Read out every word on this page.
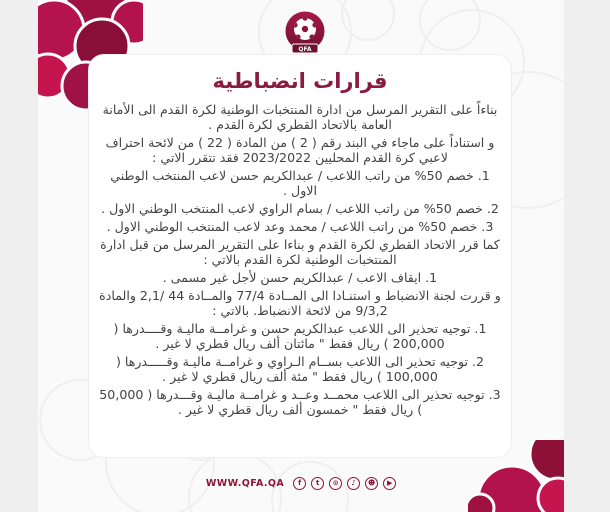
قرارات انضباطية

بناءاً على التقرير المرسل من ادارة المنتخبات الوطنية لكرة القدم الى الأمانة العامة بالاتحاد القطري لكرة القدم .

و استناداً على ماجاء في البند رقم ( 2 ) من المادة ( 22 ) من لائحة احتراف لاعبي كرة القدم المحليين 2023/2022 فقد تتقرر الاتي :

1. خصم 50% من راتب اللاعب / عبدالكريم حسن لاعب المنتخب الوطني الاول .

2. خصم 50% من راتب اللاعب / بسام الراوي لاعب المنتخب الوطني الاول .

3. خصم 50% من راتب اللاعب / محمد وعد لاعب المنتخب الوطني الاول .

كما قرر الاتحاد القطري لكرة القدم و بناءا على التقرير المرسل من قبل ادارة المنتخبات الوطنية لكرة القدم بالاتي :

1. ايقاف الاعب / عبدالكريم حسن لأجل غير مسمى .

و قررت لجنة الانضباط و استنـادا الى المــادة 77/4 والمــادة 44 /2,1 والمادة 9/3,2 من لائحة الانضباط. بالاتي :

1. توجيه تحذير الى اللاعب عبدالكريم حسن و غرامــة ماليـة وقــــدرها ( 200,000 ) ريال فقط " مائتان ألف ريال قطري لا غير .

2. توجيه تحذير الى اللاعب بســام الـراوي و غرامــة ماليـة وقـــــدرها ( 100,000 ) ريال فقط " مئة ألف ريال قطري لا غير .

3. توجيه تحذير الى اللاعب محمــد وعــد و غرامــة ماليـة وقـــدرها ( 50,000 ) ريال فقط " خمسون ألف ريال قطري لا غير .

QFA
WWW.QFA.QA	f	t	⊙	♪	☻	▶
